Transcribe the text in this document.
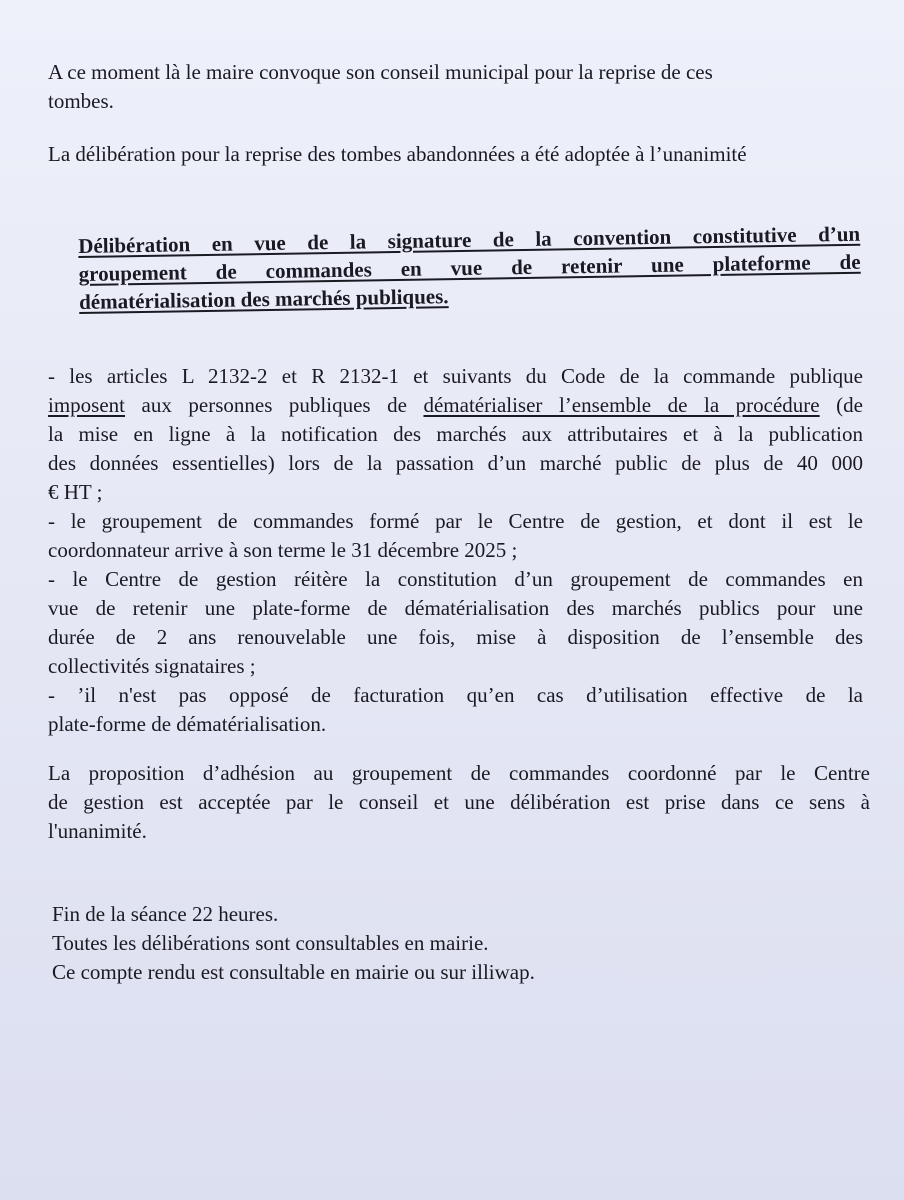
A ce moment là le maire convoque son conseil municipal pour la reprise de ces
tombes.
La délibération pour la reprise des tombes abandonnées a été adoptée à l’unanimité
Délibération en vue de la signature de la convention constitutive d’un
groupement de commandes en vue de retenir une plateforme de
dématérialisation des marchés publiques.
- les articles L 2132-2 et R 2132-1 et suivants du Code de la commande publique
imposent aux personnes publiques de dématérialiser l’ensemble de la procédure (de
la mise en ligne à la notification des marchés aux attributaires et à la publication
des données essentielles) lors de la passation d’un marché public de plus de 40 000
€ HT ;
- le groupement de commandes formé par le Centre de gestion, et dont il est le
coordonnateur arrive à son terme le 31 décembre 2025 ;
- le Centre de gestion réitère la constitution d’un groupement de commandes en
vue de retenir une plate-forme de dématérialisation des marchés publics pour une
durée de 2 ans renouvelable une fois, mise à disposition de l’ensemble des
collectivités signataires ;
- ’il n'est pas opposé de facturation qu’en cas d’utilisation effective de la
plate-forme de dématérialisation.
La proposition d’adhésion au groupement de commandes coordonné par le Centre
de gestion est acceptée par le conseil et une délibération est prise dans ce sens à
l'unanimité.
Fin de la séance 22 heures.
Toutes les délibérations sont consultables en mairie.
Ce compte rendu est consultable en mairie ou sur illiwap.
